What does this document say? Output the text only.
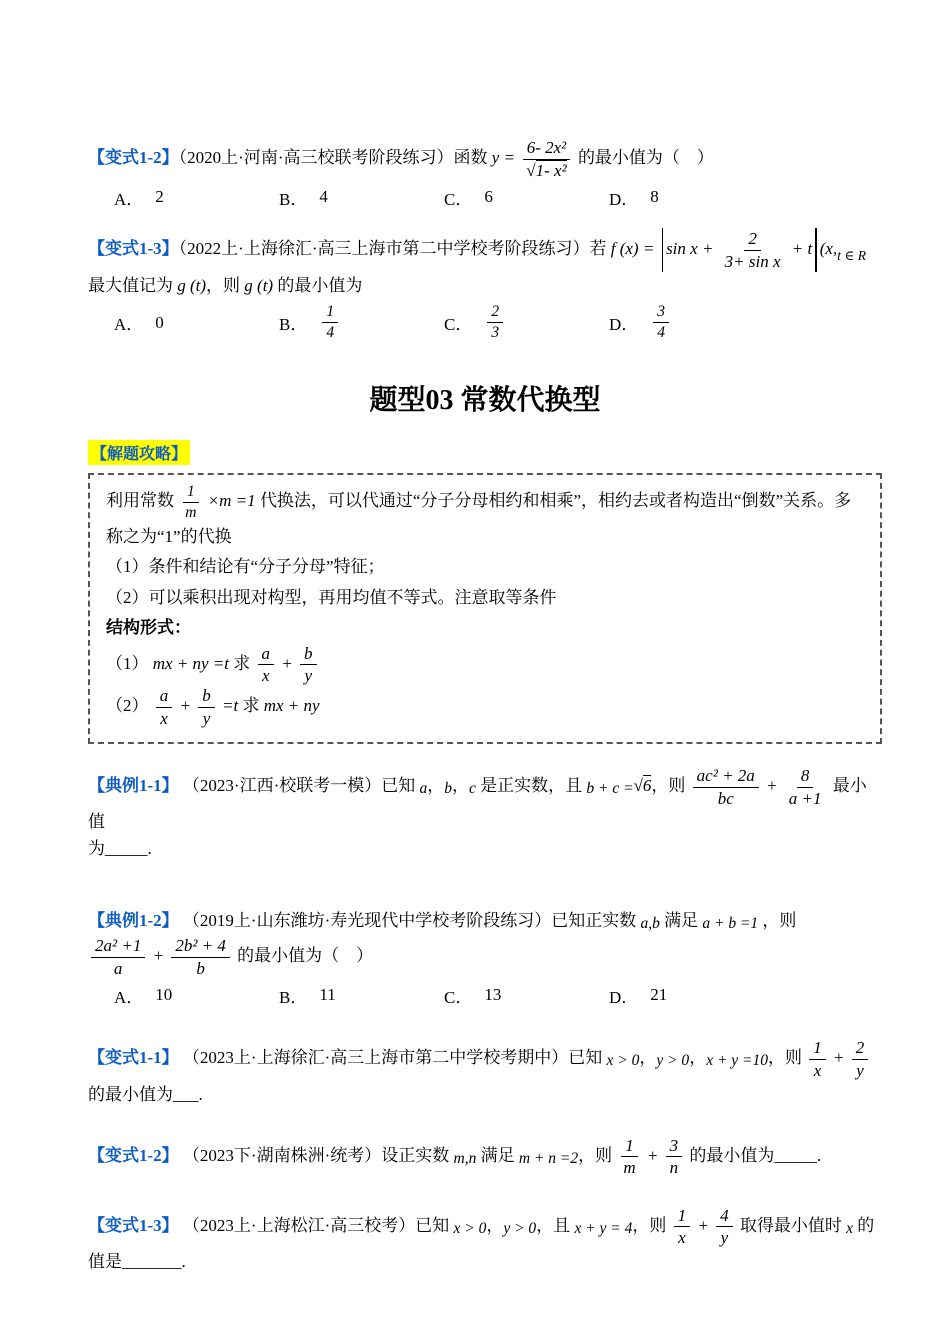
【变式1-2】（2020上·河南·高三校联考阶段练习）函数 $y = \frac{\text{6- 2x²}}{\text{√1- x²}}$ 的最小值为（　）

A． 2	B． 4	C． 6	D． 8

【变式1-3】（2022上·上海徐汇·高三上海市第二中学校考阶段练习）若 f $(x) = \sin x + \frac{2}{\text{3+ sin x}} + t$ ($x,_{t \in R}$

最大值记为 g (t)，则 g (t) 的最小值为

A． 0	B． $\frac{1}{4}$	C． $\frac{2}{3}$	D． $\frac{3}{4}$
题型03 常数代换型
【解题攻略】

利用常数 $\frac{1}{m} \times m =1$ 代换法，可以代通过“分子分母相约和相乘”，相约去或者构造出“倒数”关系。多

称之为“1”的代换

（1）条件和结论有“分子分母”特征；

（2）可以乘积出现对构型，再用均值不等式。注意取等条件

结构形式：

（1） mx + ny =t 求 $\frac{a}{x} + \frac{b}{y}$

$(2) \frac{a}{x} + \frac{b}{y} =t$ 求 mx + ny

【典例1-1】 （2023·江西·校联考一模）已知 a，b，c 是正实数，且 b + c =√6，则 $\frac{\text{ac² + 2a}}{bc} + \frac{8}{a +1}$ 最小值

为_____.

【典例1-2】 （2019上·山东潍坊·寿光现代中学校考阶段练习）已知正实数 a,b 满足 a + b =1 ，则

$\frac{\text{2a² +1}}{a} + \frac{\text{2b² + 4}}{b}$ 的最小值为（　）

A． 10	B． 11	C． 13	D． 21

【变式1-1】 （2023上·上海徐汇·高三上海市第二中学校考期中）已知 x > 0，y > 0，x + y =10，则 $\frac{1}{x} + \frac{2}{y}$

的最小值为___.

【变式1-2】 （2023下·湖南株洲·统考）设正实数 m,n 满足 m + n =2，则 $\frac{1}{m} + \frac{3}{n}$ 的最小值为_____.

【变式1-3】 （2023上·上海松江·高三校考）已知 x > 0，y > 0，且 x + y = 4，则 $\frac{1}{x} + \frac{4}{y}$ 取得最小值时 x 的

值是_______.
